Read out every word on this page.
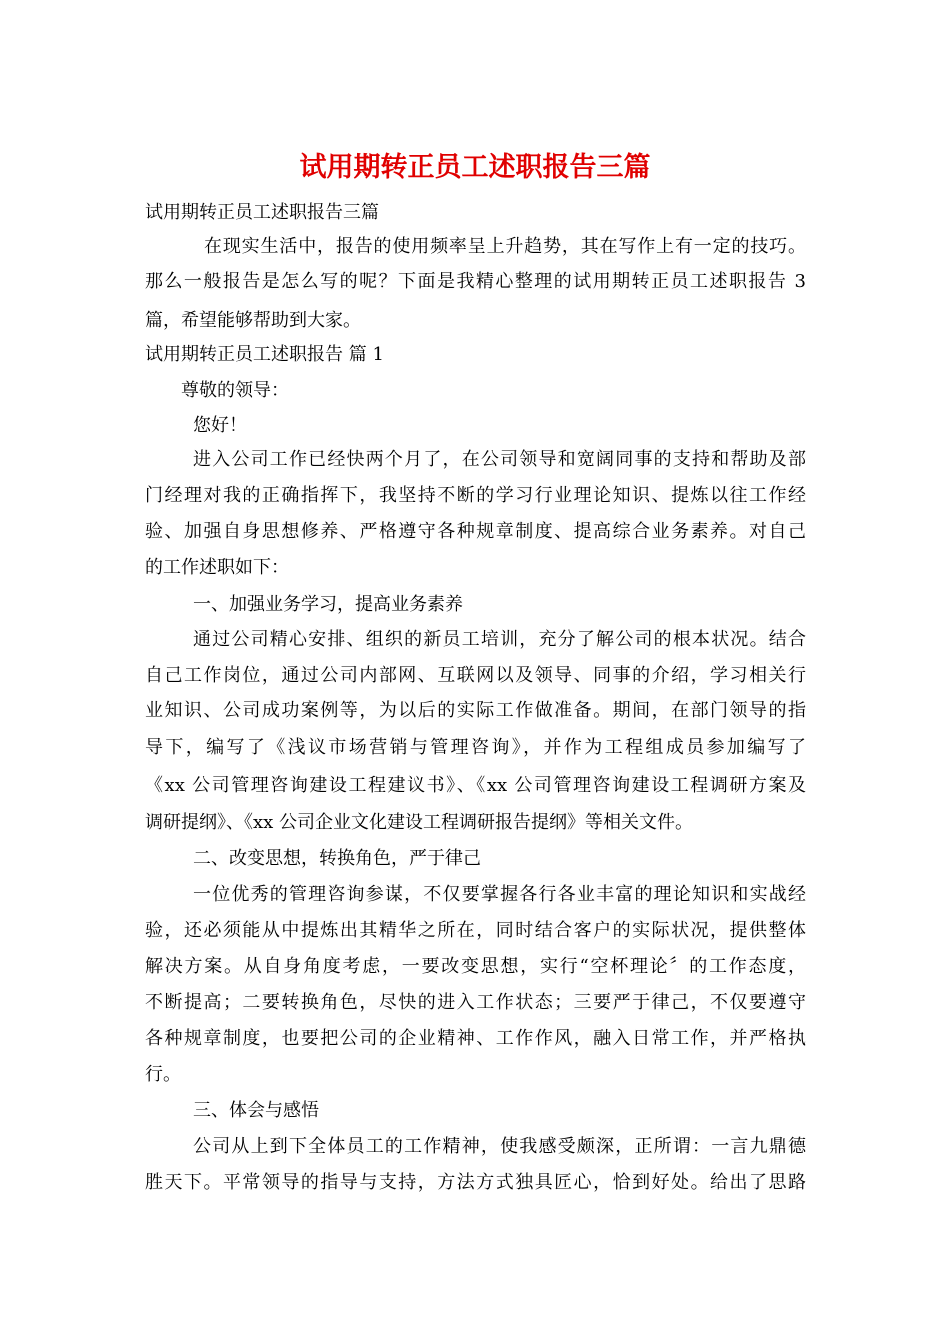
试用期转正员工述职报告三篇
试用期转正员工述职报告三篇
在现实生活中，报告的使用频率呈上升趋势，其在写作上有一定的技巧。
那么一般报告是怎么写的呢？下面是我精心整理的试用期转正员工述职报告 3
篇，希望能够帮助到大家。
试用期转正员工述职报告 篇 1
尊敬的领导：
您好！
进入公司工作已经快两个月了，在公司领导和宽阔同事的支持和帮助及部
门经理对我的正确指挥下，我坚持不断的学习行业理论知识、提炼以往工作经
验、加强自身思想修养、严格遵守各种规章制度、提高综合业务素养。对自己
的工作述职如下：
一、加强业务学习，提高业务素养
通过公司精心安排、组织的新员工培训，充分了解公司的根本状况。结合
自己工作岗位，通过公司内部网、互联网以及领导、同事的介绍，学习相关行
业知识、公司成功案例等，为以后的实际工作做准备。期间，在部门领导的指
导下，编写了《浅议市场营销与管理咨询》，并作为工程组成员参加编写了
《xx 公司管理咨询建设工程建议书》、《xx 公司管理咨询建设工程调研方案及
调研提纲》、《xx 公司企业文化建设工程调研报告提纲》等相关文件。
二、改变思想，转换角色，严于律己
一位优秀的管理咨询参谋，不仅要掌握各行各业丰富的理论知识和实战经
验，还必须能从中提炼出其精华之所在，同时结合客户的实际状况，提供整体
解决方案。从自身角度考虑，一要改变思想，实行“空杯理论〞的工作态度，
不断提高；二要转换角色，尽快的进入工作状态；三要严于律己，不仅要遵守
各种规章制度，也要把公司的企业精神、工作作风，融入日常工作，并严格执
行。
三、体会与感悟
公司从上到下全体员工的工作精神，使我感受颇深，正所谓：一言九鼎德
胜天下。平常领导的指导与支持，方法方式独具匠心，恰到好处。给出了思路
